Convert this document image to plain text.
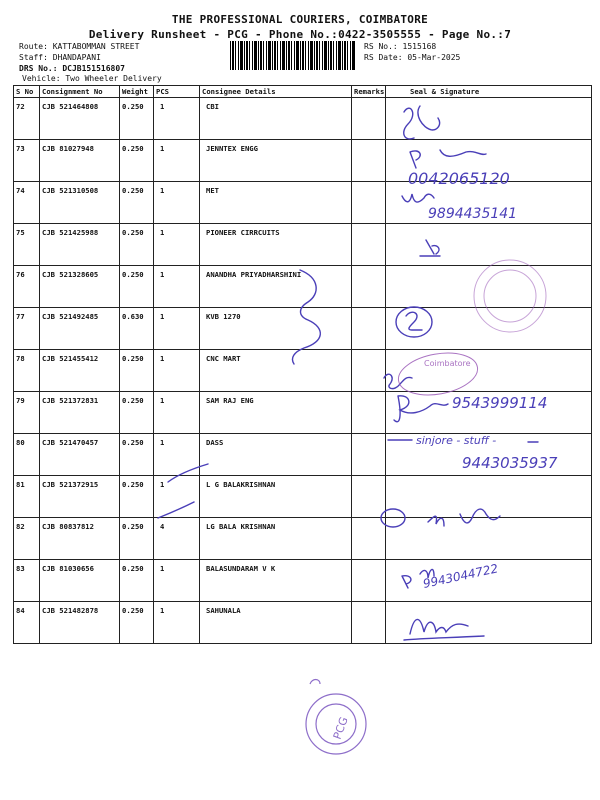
THE PROFESSIONAL COURIERS, COIMBATORE
Delivery Runsheet - PCG - Phone No.:0422-3505555 - Page No.:7
Route: KATTABOMMAN STREET
Staff: DHANDAPANI
DRS No.: DCJB151516807
Vehicle: Two Wheeler Delivery
RS No.: 1515168
RS Date: 05-Mar-2025
S No	Consignment No	Weight	PCS	Consignee Details	Remarks	Seal & Signature
72	CJB 521464808	0.250	1	CBI		
73	CJB 81027948	0.250	1	JENNTEX ENGG		
74	CJB 521310508	0.250	1	MET		
75	CJB 521425988	0.250	1	PIONEER CIRRCUITS		
76	CJB 521328605	0.250	1	ANANDHA PRIYADHARSHINI		
77	CJB 521492485	0.630	1	KVB 1270		
78	CJB 521455412	0.250	1	CNC MART		
79	CJB 521372831	0.250	1	SAM RAJ ENG		
80	CJB 521470457	0.250	1	DASS		
81	CJB 521372915	0.250	1	L G BALAKRISHNAN		
82	CJB 80837812	0.250	4	LG BALA KRISHNAN		
83	CJB 81030656	0.250	1	BALASUNDARAM V K		
84	CJB 521482878	0.250	1	SAHUNALA		
0042065120
9894435141
9543999114
sinjore - stuff -
9443035937
9943044722
Coimbatore
PCG
